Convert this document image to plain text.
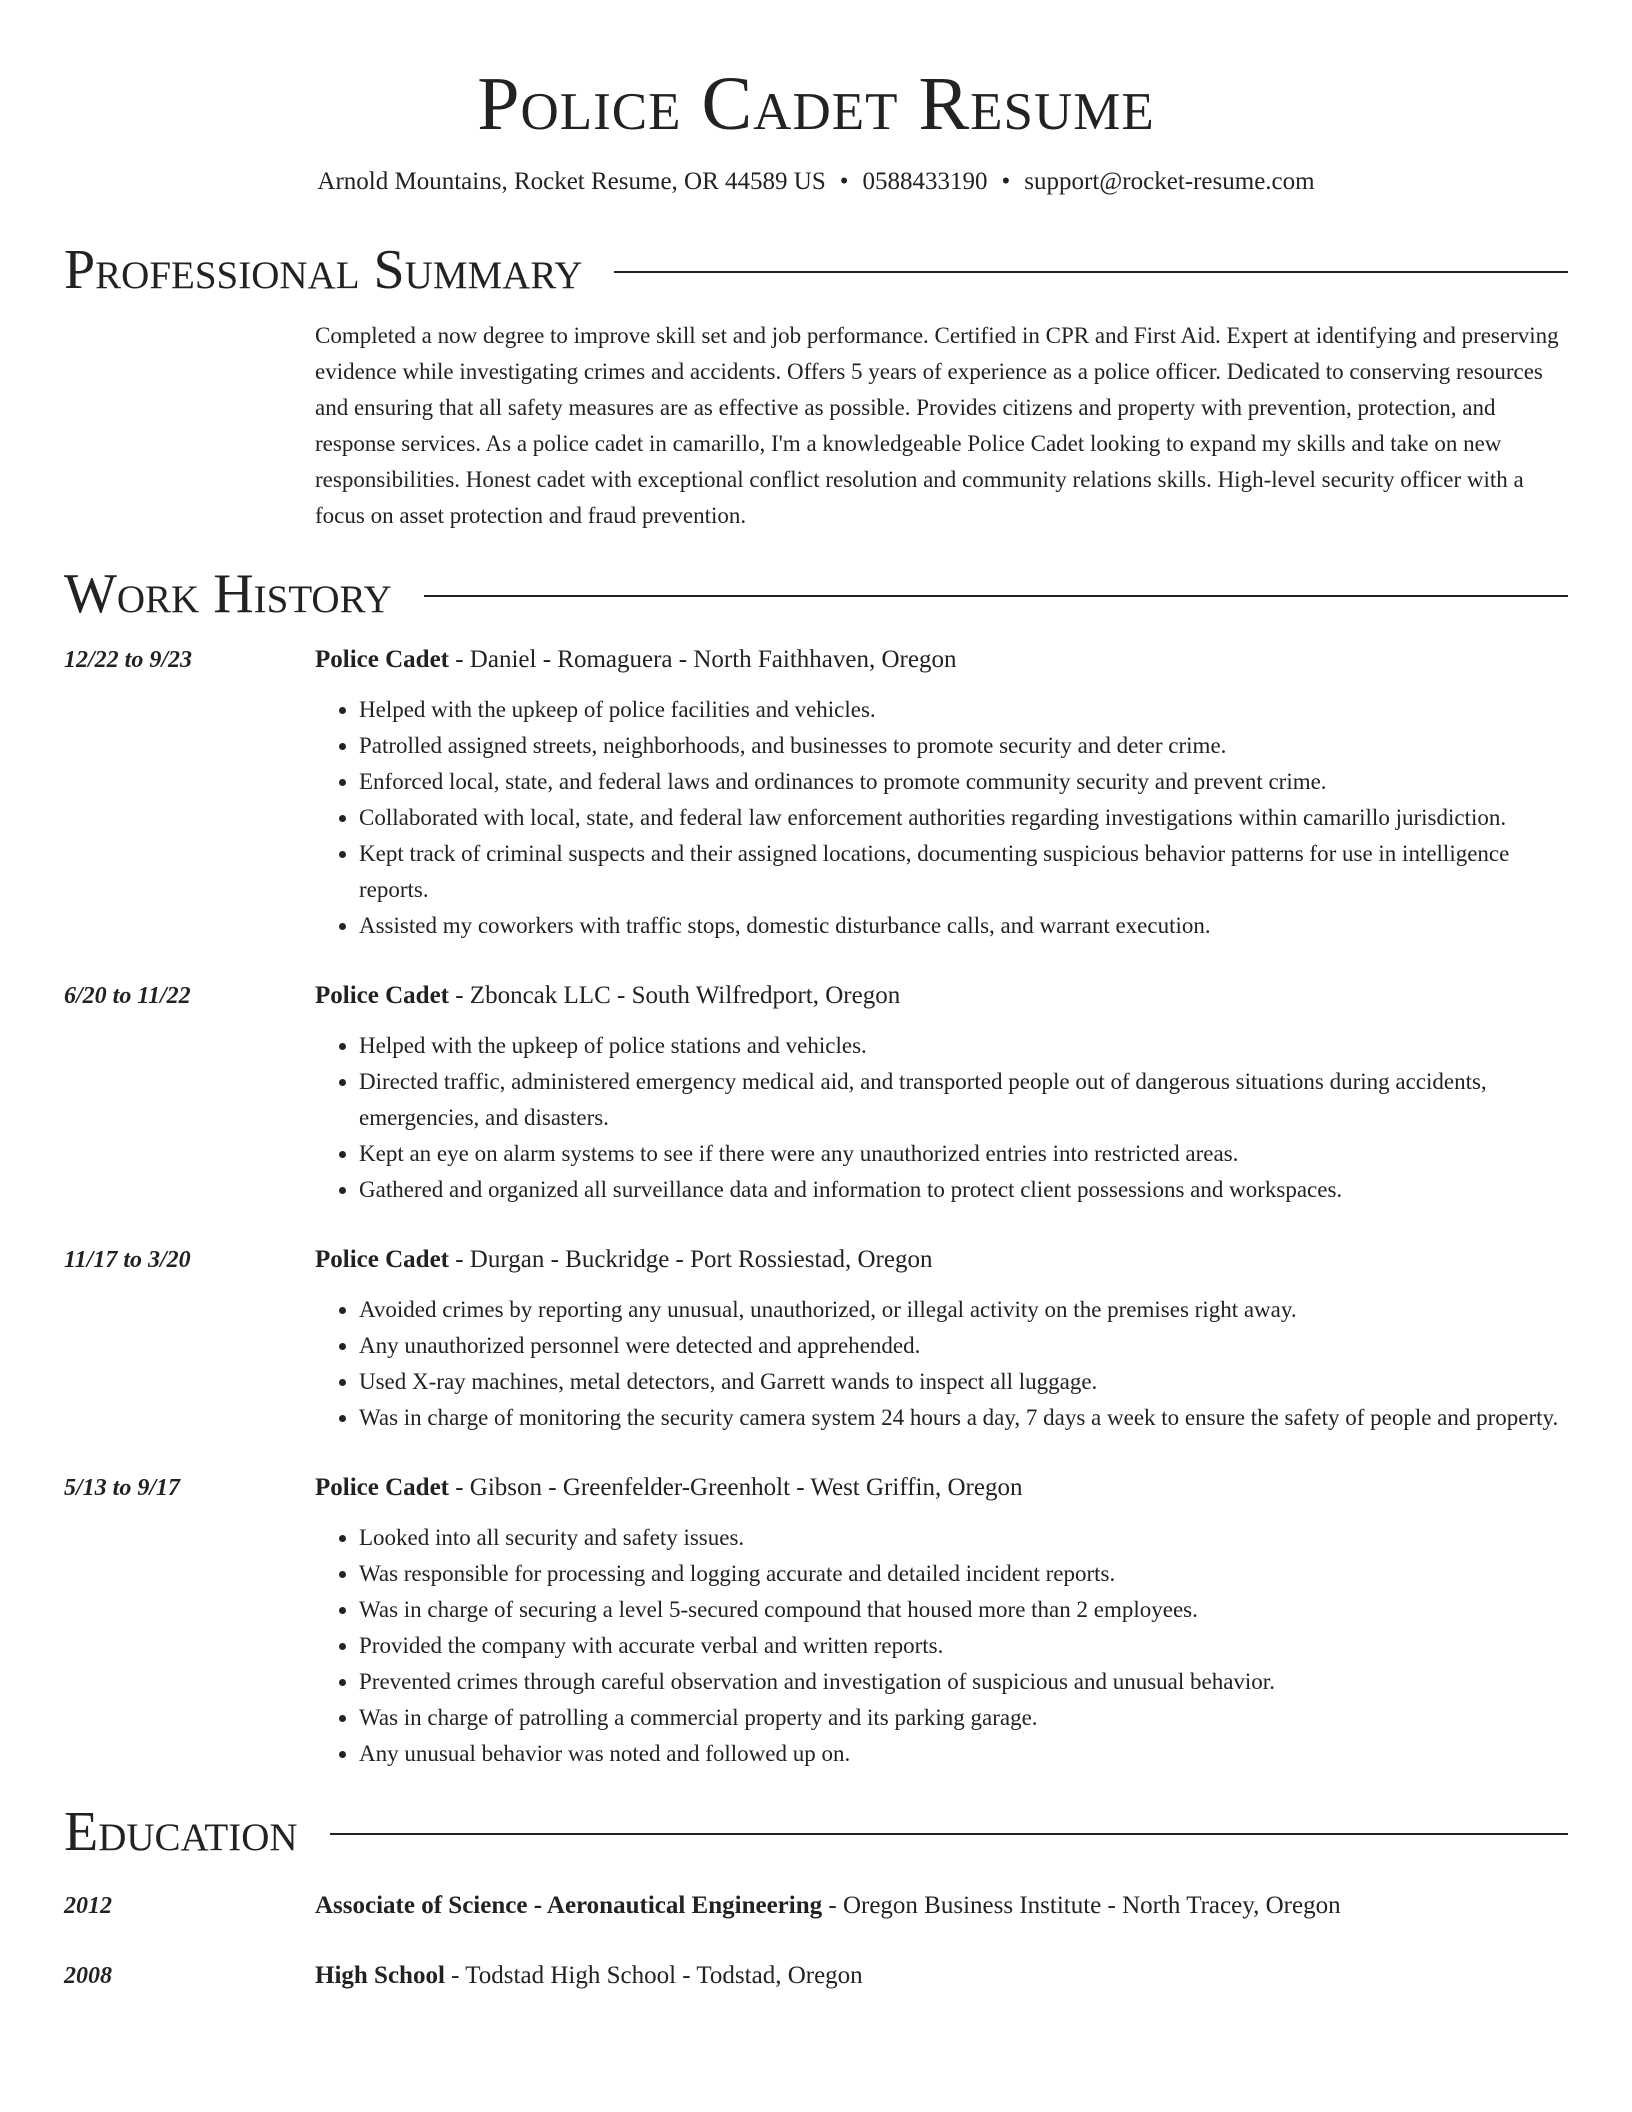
Police Cadet Resume
Arnold Mountains, Rocket Resume, OR 44589 US • 0588433190 • support@rocket-resume.com
Professional Summary
Completed a now degree to improve skill set and job performance. Certified in CPR and First Aid. Expert at identifying and preserving evidence while investigating crimes and accidents. Offers 5 years of experience as a police officer. Dedicated to conserving resources and ensuring that all safety measures are as effective as possible. Provides citizens and property with prevention, protection, and response services. As a police cadet in camarillo, I'm a knowledgeable Police Cadet looking to expand my skills and take on new responsibilities. Honest cadet with exceptional conflict resolution and community relations skills. High-level security officer with a focus on asset protection and fraud prevention.
Work History
12/22 to 9/23	Police Cadet - Daniel - Romaguera - North Faithhaven, Oregon
• Helped with the upkeep of police facilities and vehicles.
• Patrolled assigned streets, neighborhoods, and businesses to promote security and deter crime.
• Enforced local, state, and federal laws and ordinances to promote community security and prevent crime.
• Collaborated with local, state, and federal law enforcement authorities regarding investigations within camarillo jurisdiction.
• Kept track of criminal suspects and their assigned locations, documenting suspicious behavior patterns for use in intelligence reports.
• Assisted my coworkers with traffic stops, domestic disturbance calls, and warrant execution.
6/20 to 11/22	Police Cadet - Zboncak LLC - South Wilfredport, Oregon
• Helped with the upkeep of police stations and vehicles.
• Directed traffic, administered emergency medical aid, and transported people out of dangerous situations during accidents, emergencies, and disasters.
• Kept an eye on alarm systems to see if there were any unauthorized entries into restricted areas.
• Gathered and organized all surveillance data and information to protect client possessions and workspaces.
11/17 to 3/20	Police Cadet - Durgan - Buckridge - Port Rossiestad, Oregon
• Avoided crimes by reporting any unusual, unauthorized, or illegal activity on the premises right away.
• Any unauthorized personnel were detected and apprehended.
• Used X-ray machines, metal detectors, and Garrett wands to inspect all luggage.
• Was in charge of monitoring the security camera system 24 hours a day, 7 days a week to ensure the safety of people and property.
5/13 to 9/17	Police Cadet - Gibson - Greenfelder-Greenholt - West Griffin, Oregon
• Looked into all security and safety issues.
• Was responsible for processing and logging accurate and detailed incident reports.
• Was in charge of securing a level 5-secured compound that housed more than 2 employees.
• Provided the company with accurate verbal and written reports.
• Prevented crimes through careful observation and investigation of suspicious and unusual behavior.
• Was in charge of patrolling a commercial property and its parking garage.
• Any unusual behavior was noted and followed up on.
Education
2012	Associate of Science - Aeronautical Engineering - Oregon Business Institute - North Tracey, Oregon
2008	High School - Todstad High School - Todstad, Oregon
